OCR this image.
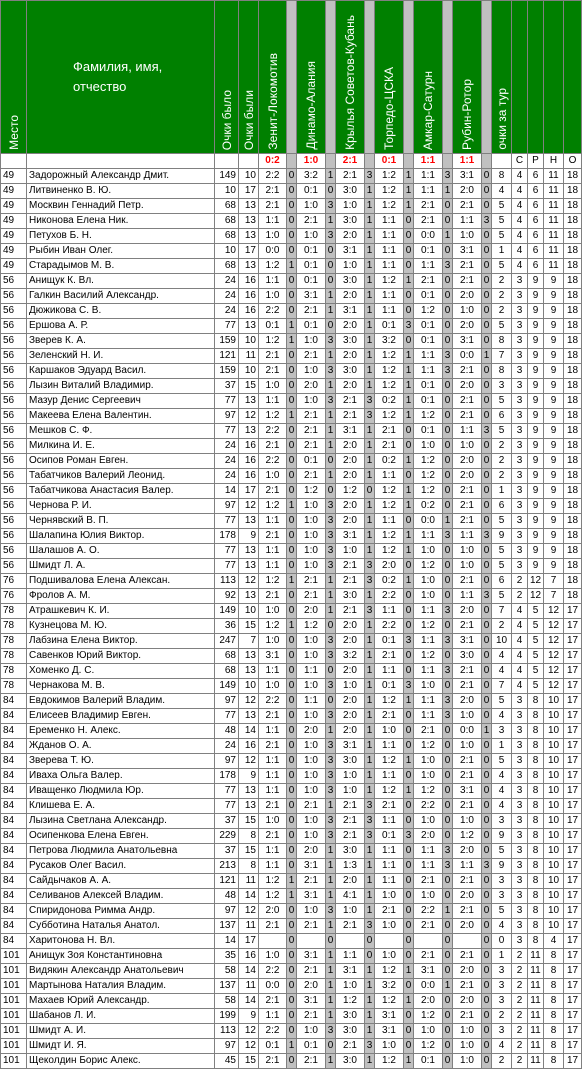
Место	Фамилия, имя,
отчество	Очки было	Очки были	Зенит-Локомотив		Динамо-Алания		Крылья Советов-Кубань		Торпедо-ЦСКА		Амкар-Сатурн		Рубин-Ротор		очки за тур				
				0:2		1:0		2:1		0:1		1:1		1:1			С	Р	Н	О
49	Задорожный Александр Дмит.	149	10	2:2	0	3:2	1	2:1	3	1:2	1	1:1	3	3:1	0	8	4	6	11	18
49	Литвиненко В. Ю.	10	17	2:1	0	0:1	0	3:0	1	1:2	1	1:1	1	2:0	0	4	4	6	11	18
49	Москвин Геннадий Петр.	68	13	2:1	0	1:0	3	1:0	1	1:2	1	2:1	0	2:1	0	5	4	6	11	18
49	Никонова Елена Ник.	68	13	1:1	0	2:1	1	3:0	1	1:1	0	2:1	0	1:1	3	5	4	6	11	18
49	Петухов Б. Н.	68	13	1:0	0	1:0	3	2:0	1	1:1	0	0:0	1	1:0	0	5	4	6	11	18
49	Рыбин Иван Олег.	10	17	0:0	0	0:1	0	3:1	1	1:1	0	0:1	0	3:1	0	1	4	6	11	18
49	Старадымов М. В.	68	13	1:2	1	0:1	0	1:0	1	1:1	0	1:1	3	2:1	0	5	4	6	11	18
56	Анищук К. Вл.	24	16	1:1	0	0:1	0	3:0	1	1:2	1	2:1	0	2:1	0	2	3	9	9	18
56	Галкин Василий Александр.	24	16	1:0	0	3:1	1	2:0	1	1:1	0	0:1	0	2:0	0	2	3	9	9	18
56	Дюжикова С. В.	24	16	2:2	0	2:1	1	3:1	1	1:1	0	1:2	0	1:0	0	2	3	9	9	18
56	Ершова А. Р.	77	13	0:1	1	0:1	0	2:0	1	0:1	3	0:1	0	2:0	0	5	3	9	9	18
56	Зверев К. А.	159	10	1:2	1	1:0	3	3:0	1	3:2	0	0:1	0	3:1	0	8	3	9	9	18
56	Зеленский Н. И.	121	11	2:1	0	2:1	1	2:0	1	1:2	1	1:1	3	0:0	1	7	3	9	9	18
56	Каршаков Эдуард Васил.	159	10	2:1	0	1:0	3	3:0	1	1:2	1	1:1	3	2:1	0	8	3	9	9	18
56	Лызин Виталий Владимир.	37	15	1:0	0	2:0	1	2:0	1	1:2	1	0:1	0	2:0	0	3	3	9	9	18
56	Мазур Денис Сергеевич	77	13	1:1	0	1:0	3	2:1	3	0:2	1	0:1	0	2:1	0	5	3	9	9	18
56	Макеева Елена Валентин.	97	12	1:2	1	2:1	1	2:1	3	1:2	1	1:2	0	2:1	0	6	3	9	9	18
56	Мешков С. Ф.	77	13	2:2	0	2:1	1	3:1	1	2:1	0	0:1	0	1:1	3	5	3	9	9	18
56	Милкина И. Е.	24	16	2:1	0	2:1	1	2:0	1	2:1	0	1:0	0	1:0	0	2	3	9	9	18
56	Осипов Роман Евген.	24	16	2:2	0	0:1	0	2:0	1	0:2	1	1:2	0	2:0	0	2	3	9	9	18
56	Табатчиков Валерий Леонид.	24	16	1:0	0	2:1	1	2:0	1	1:1	0	1:2	0	2:0	0	2	3	9	9	18
56	Табатчикова Анастасия Валер.	14	17	2:1	0	1:2	0	1:2	0	1:2	1	1:2	0	2:1	0	1	3	9	9	18
56	Чернова Р. И.	97	12	1:2	1	1:0	3	2:0	1	1:2	1	0:2	0	2:1	0	6	3	9	9	18
56	Чернявский В. П.	77	13	1:1	0	1:0	3	2:0	1	1:1	0	0:0	1	2:1	0	5	3	9	9	18
56	Шалапина Юлия Виктор.	178	9	2:1	0	1:0	3	3:1	1	1:2	1	1:1	3	1:1	3	9	3	9	9	18
56	Шалашов А. О.	77	13	1:1	0	1:0	3	1:0	1	1:2	1	1:0	0	1:0	0	5	3	9	9	18
56	Шмидт Л. А.	77	13	1:1	0	1:0	3	2:1	3	2:0	0	1:2	0	1:0	0	5	3	9	9	18
76	Подшивалова Елена Алексан.	113	12	1:2	1	2:1	1	2:1	3	0:2	1	1:0	0	2:1	0	6	2	12	7	18
76	Фролов А. М.	92	13	2:1	0	2:1	1	3:0	1	2:2	0	1:0	0	1:1	3	5	2	12	7	18
78	Атрашкевич К. И.	149	10	1:0	0	2:0	1	2:1	3	1:1	0	1:1	3	2:0	0	7	4	5	12	17
78	Кузнецова М. Ю.	36	15	1:2	1	1:2	0	2:0	1	2:2	0	1:2	0	2:1	0	2	4	5	12	17
78	Лабзина Елена Виктор.	247	7	1:0	0	1:0	3	2:0	1	0:1	3	1:1	3	3:1	0	10	4	5	12	17
78	Савенков Юрий Виктор.	68	13	3:1	0	1:0	3	3:2	1	2:1	0	1:2	0	3:0	0	4	4	5	12	17
78	Хоменко Д. С.	68	13	1:1	0	1:1	0	2:0	1	1:1	0	1:1	3	2:1	0	4	4	5	12	17
78	Чернакова М. В.	149	10	1:0	0	1:0	3	1:0	1	0:1	3	1:0	0	2:1	0	7	4	5	12	17
84	Евдокимов Валерий Владим.	97	12	2:2	0	1:1	0	2:0	1	1:2	1	1:1	3	2:0	0	5	3	8	10	17
84	Елисеев Владимир Евген.	77	13	2:1	0	1:0	3	2:0	1	2:1	0	1:1	3	1:0	0	4	3	8	10	17
84	Еременко Н. Алекс.	48	14	1:1	0	2:0	1	2:0	1	1:0	0	2:1	0	0:0	1	3	3	8	10	17
84	Жданов О. А.	24	16	2:1	0	1:0	3	3:1	1	1:1	0	1:2	0	1:0	0	1	3	8	10	17
84	Зверева Т. Ю.	97	12	1:1	0	1:0	3	3:0	1	1:2	1	1:0	0	2:1	0	5	3	8	10	17
84	Иваха Ольга Валер.	178	9	1:1	0	1:0	3	1:0	1	1:1	0	1:0	0	2:1	0	4	3	8	10	17
84	Иващенко Людмила Юр.	77	13	1:1	0	1:0	3	1:0	1	1:2	1	1:2	0	3:1	0	4	3	8	10	17
84	Клишева Е. А.	77	13	2:1	0	2:1	1	2:1	3	2:1	0	2:2	0	2:1	0	4	3	8	10	17
84	Лызина Светлана Александр.	37	15	1:0	0	1:0	3	2:1	3	1:1	0	1:0	0	1:0	0	3	3	8	10	17
84	Осипенкова Елена Евген.	229	8	2:1	0	1:0	3	2:1	3	0:1	3	2:0	0	1:2	0	9	3	8	10	17
84	Петрова Людмила Анатольевна	37	15	1:1	0	2:0	1	3:0	1	1:1	0	1:1	3	2:0	0	5	3	8	10	17
84	Русаков Олег Васил.	213	8	1:1	0	3:1	1	1:3	1	1:1	0	1:1	3	1:1	3	9	3	8	10	17
84	Сайдычаков А. А.	121	11	1:2	1	2:1	1	2:0	1	1:1	0	2:1	0	2:1	0	3	3	8	10	17
84	Селиванов Алексей Владим.	48	14	1:2	1	3:1	1	4:1	1	1:0	0	1:0	0	2:0	0	3	3	8	10	17
84	Спиридонова Римма Андр.	97	12	2:0	0	1:0	3	1:0	1	2:1	0	2:2	1	2:1	0	5	3	8	10	17
84	Субботина Наталья Анатол.	137	11	2:1	0	2:1	1	2:1	3	1:0	0	2:1	0	2:0	0	4	3	8	10	17
84	Харитонова Н. Вл.	14	17		0		0		0		0		0		0	0	3	8	4	17
101	Анищук Зоя Константиновна	35	16	1:0	0	3:1	1	1:1	0	1:0	0	2:1	0	2:1	0	1	2	11	8	17
101	Видякин Александр Анатольевич	58	14	2:2	0	2:1	1	3:1	1	1:2	1	3:1	0	2:0	0	3	2	11	8	17
101	Мартынова Наталия Владим.	137	11	0:0	0	2:0	1	1:0	1	3:2	0	0:0	1	2:1	0	3	2	11	8	17
101	Махаев Юрий Александр.	58	14	2:1	0	3:1	1	1:2	1	1:2	1	2:0	0	2:0	0	3	2	11	8	17
101	Шабанов Л. И.	199	9	1:1	0	2:1	1	3:0	1	3:1	0	1:2	0	2:1	0	2	2	11	8	17
101	Шмидт А. И.	113	12	2:2	0	1:0	3	3:0	1	3:1	0	1:0	0	1:0	0	3	2	11	8	17
101	Шмидт И. Я.	97	12	0:1	1	0:1	0	2:1	3	1:0	0	1:2	0	1:0	0	4	2	11	8	17
101	Щеколдин Борис Алекс.	45	15	2:1	0	2:1	1	3:0	1	1:2	1	0:1	0	1:0	0	2	2	11	8	17
